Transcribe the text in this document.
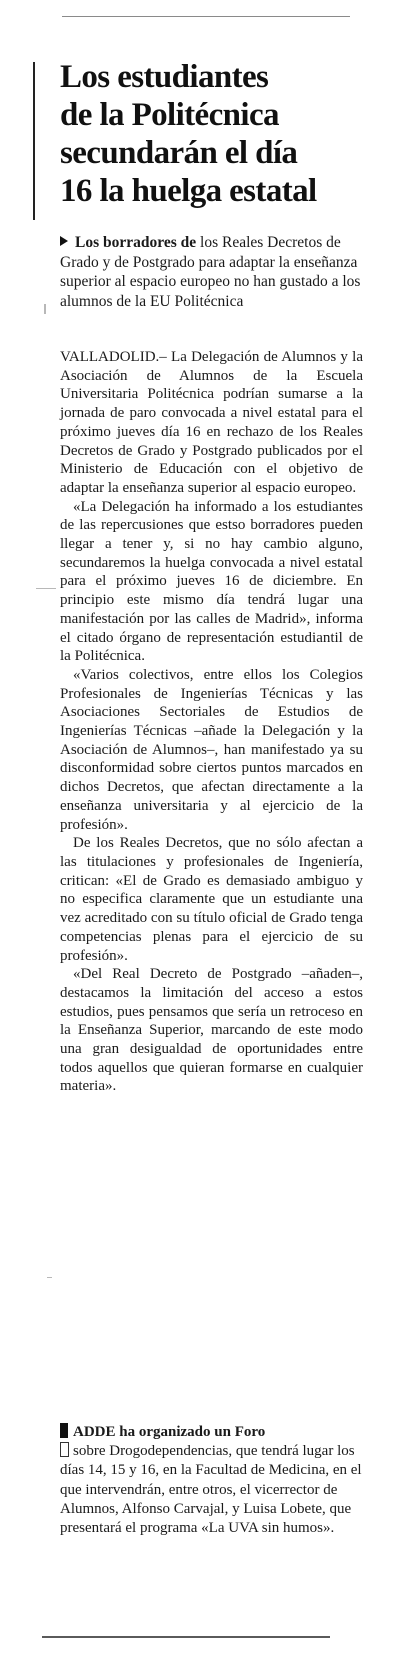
Los estudiantes
de la Politécnica
secundarán el día
16 la huelga estatal
Los borradores de los Reales Decretos de Grado y de Postgrado para adaptar la enseñanza superior al espacio europeo no han gustado a los alumnos de la EU Politécnica

VALLADOLID.– La Delegación de Alumnos y la Asociación de Alumnos de la Escuela Universitaria Politécnica podrían sumarse a la jornada de paro convocada a nivel estatal para el próximo jueves día 16 en rechazo de los Reales Decretos de Grado y Postgrado publicados por el Ministerio de Educación con el objetivo de adaptar la enseñanza superior al espacio europeo.

«La Delegación ha informado a los estudiantes de las repercusiones que estso borradores pueden llegar a tener y, si no hay cambio alguno, secundaremos la huelga convocada a nivel estatal para el próximo jueves 16 de diciembre. En principio este mismo día tendrá lugar una manifestación por las calles de Madrid», informa el citado órgano de representación estudiantil de la Politécnica.

«Varios colectivos, entre ellos los Colegios Profesionales de Ingenierías Técnicas y las Asociaciones Sectoriales de Estudios de Ingenierías Técnicas –añade la Delegación y la Asociación de Alumnos–, han manifestado ya su disconformidad sobre ciertos puntos marcados en dichos Decretos, que afectan directamente a la enseñanza universitaria y al ejercicio de la profesión».

De los Reales Decretos, que no sólo afectan a las titulaciones y profesionales de Ingeniería, critican: «El de Grado es demasiado ambiguo y no especifica claramente que un estudiante una vez acreditado con su título oficial de Grado tenga competencias plenas para el ejercicio de su profesión».

«Del Real Decreto de Postgrado –añaden–, destacamos la limitación del acceso a estos estudios, pues pensamos que sería un retroceso en la Enseñanza Superior, marcando de este modo una gran desigualdad de oportunidades entre todos aquellos que quieran formarse en cualquier materia».

ADDE ha organizado un Foro
sobre Drogodependencias, que tendrá lugar los días 14, 15 y 16, en la Facultad de Medicina, en el que intervendrán, entre otros, el vicerrector de Alumnos, Alfonso Carvajal, y Luisa Lobete, que presentará el programa «La UVA sin humos».
